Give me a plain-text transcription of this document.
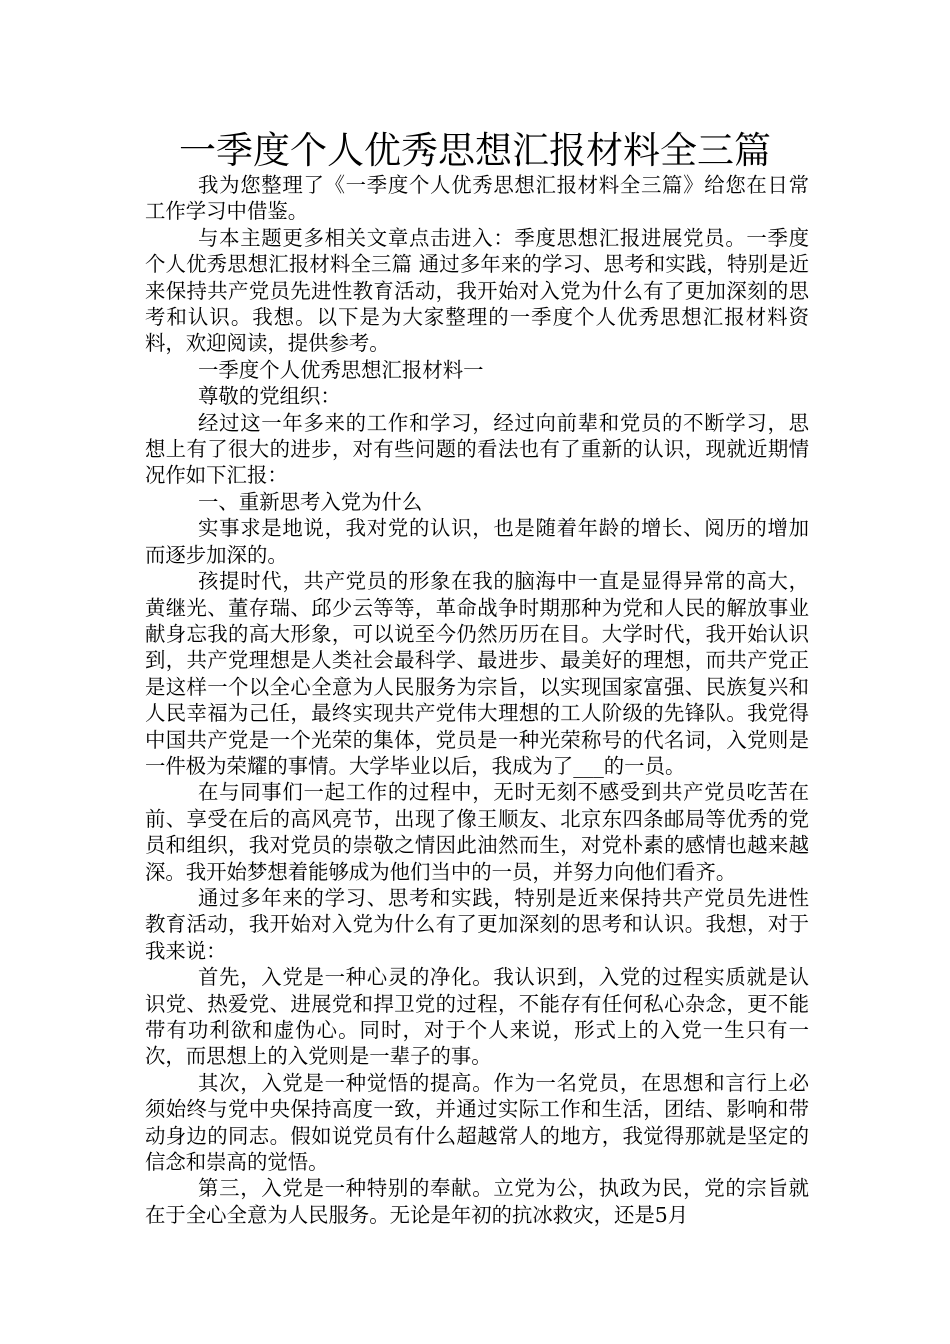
一季度个人优秀思想汇报材料全三篇

我为您整理了《一季度个人优秀思想汇报材料全三篇》给您在日常工作学习中借鉴。

与本主题更多相关文章点击进入：季度思想汇报进展党员。一季度个人优秀思想汇报材料全三篇 通过多年来的学习、思考和实践，特别是近来保持共产党员先进性教育活动，我开始对入党为什么有了更加深刻的思考和认识。我想。以下是为大家整理的一季度个人优秀思想汇报材料资料，欢迎阅读，提供参考。

一季度个人优秀思想汇报材料一

尊敬的党组织：

经过这一年多来的工作和学习，经过向前辈和党员的不断学习，思想上有了很大的进步，对有些问题的看法也有了重新的认识，现就近期情况作如下汇报：

一、重新思考入党为什么

实事求是地说，我对党的认识，也是随着年龄的增长、阅历的增加而逐步加深的。

孩提时代，共产党员的形象在我的脑海中一直是显得异常的高大，黄继光、董存瑞、邱少云等等，革命战争时期那种为党和人民的解放事业献身忘我的高大形象，可以说至今仍然历历在目。大学时代，我开始认识到，共产党理想是人类社会最科学、最进步、最美好的理想，而共产党正是这样一个以全心全意为人民服务为宗旨，以实现国家富强、民族复兴和人民幸福为己任，最终实现共产党伟大理想的工人阶级的先锋队。我党得中国共产党是一个光荣的集体，党员是一种光荣称号的代名词，入党则是一件极为荣耀的事情。大学毕业以后，我成为了___的一员。

在与同事们一起工作的过程中，无时无刻不感受到共产党员吃苦在前、享受在后的高风亮节，出现了像王顺友、北京东四条邮局等优秀的党员和组织，我对党员的崇敬之情因此油然而生，对党朴素的感情也越来越深。我开始梦想着能够成为他们当中的一员，并努力向他们看齐。

通过多年来的学习、思考和实践，特别是近来保持共产党员先进性教育活动，我开始对入党为什么有了更加深刻的思考和认识。我想，对于我来说：

首先，入党是一种心灵的净化。我认识到，入党的过程实质就是认识党、热爱党、进展党和捍卫党的过程，不能存有任何私心杂念，更不能带有功利欲和虚伪心。同时，对于个人来说，形式上的入党一生只有一次，而思想上的入党则是一辈子的事。

其次，入党是一种觉悟的提高。作为一名党员，在思想和言行上必须始终与党中央保持高度一致，并通过实际工作和生活，团结、影响和带动身边的同志。假如说党员有什么超越常人的地方，我觉得那就是坚定的信念和崇高的觉悟。

第三，入党是一种特别的奉献。立党为公，执政为民，党的宗旨就在于全心全意为人民服务。无论是年初的抗冰救灾，还是5月
